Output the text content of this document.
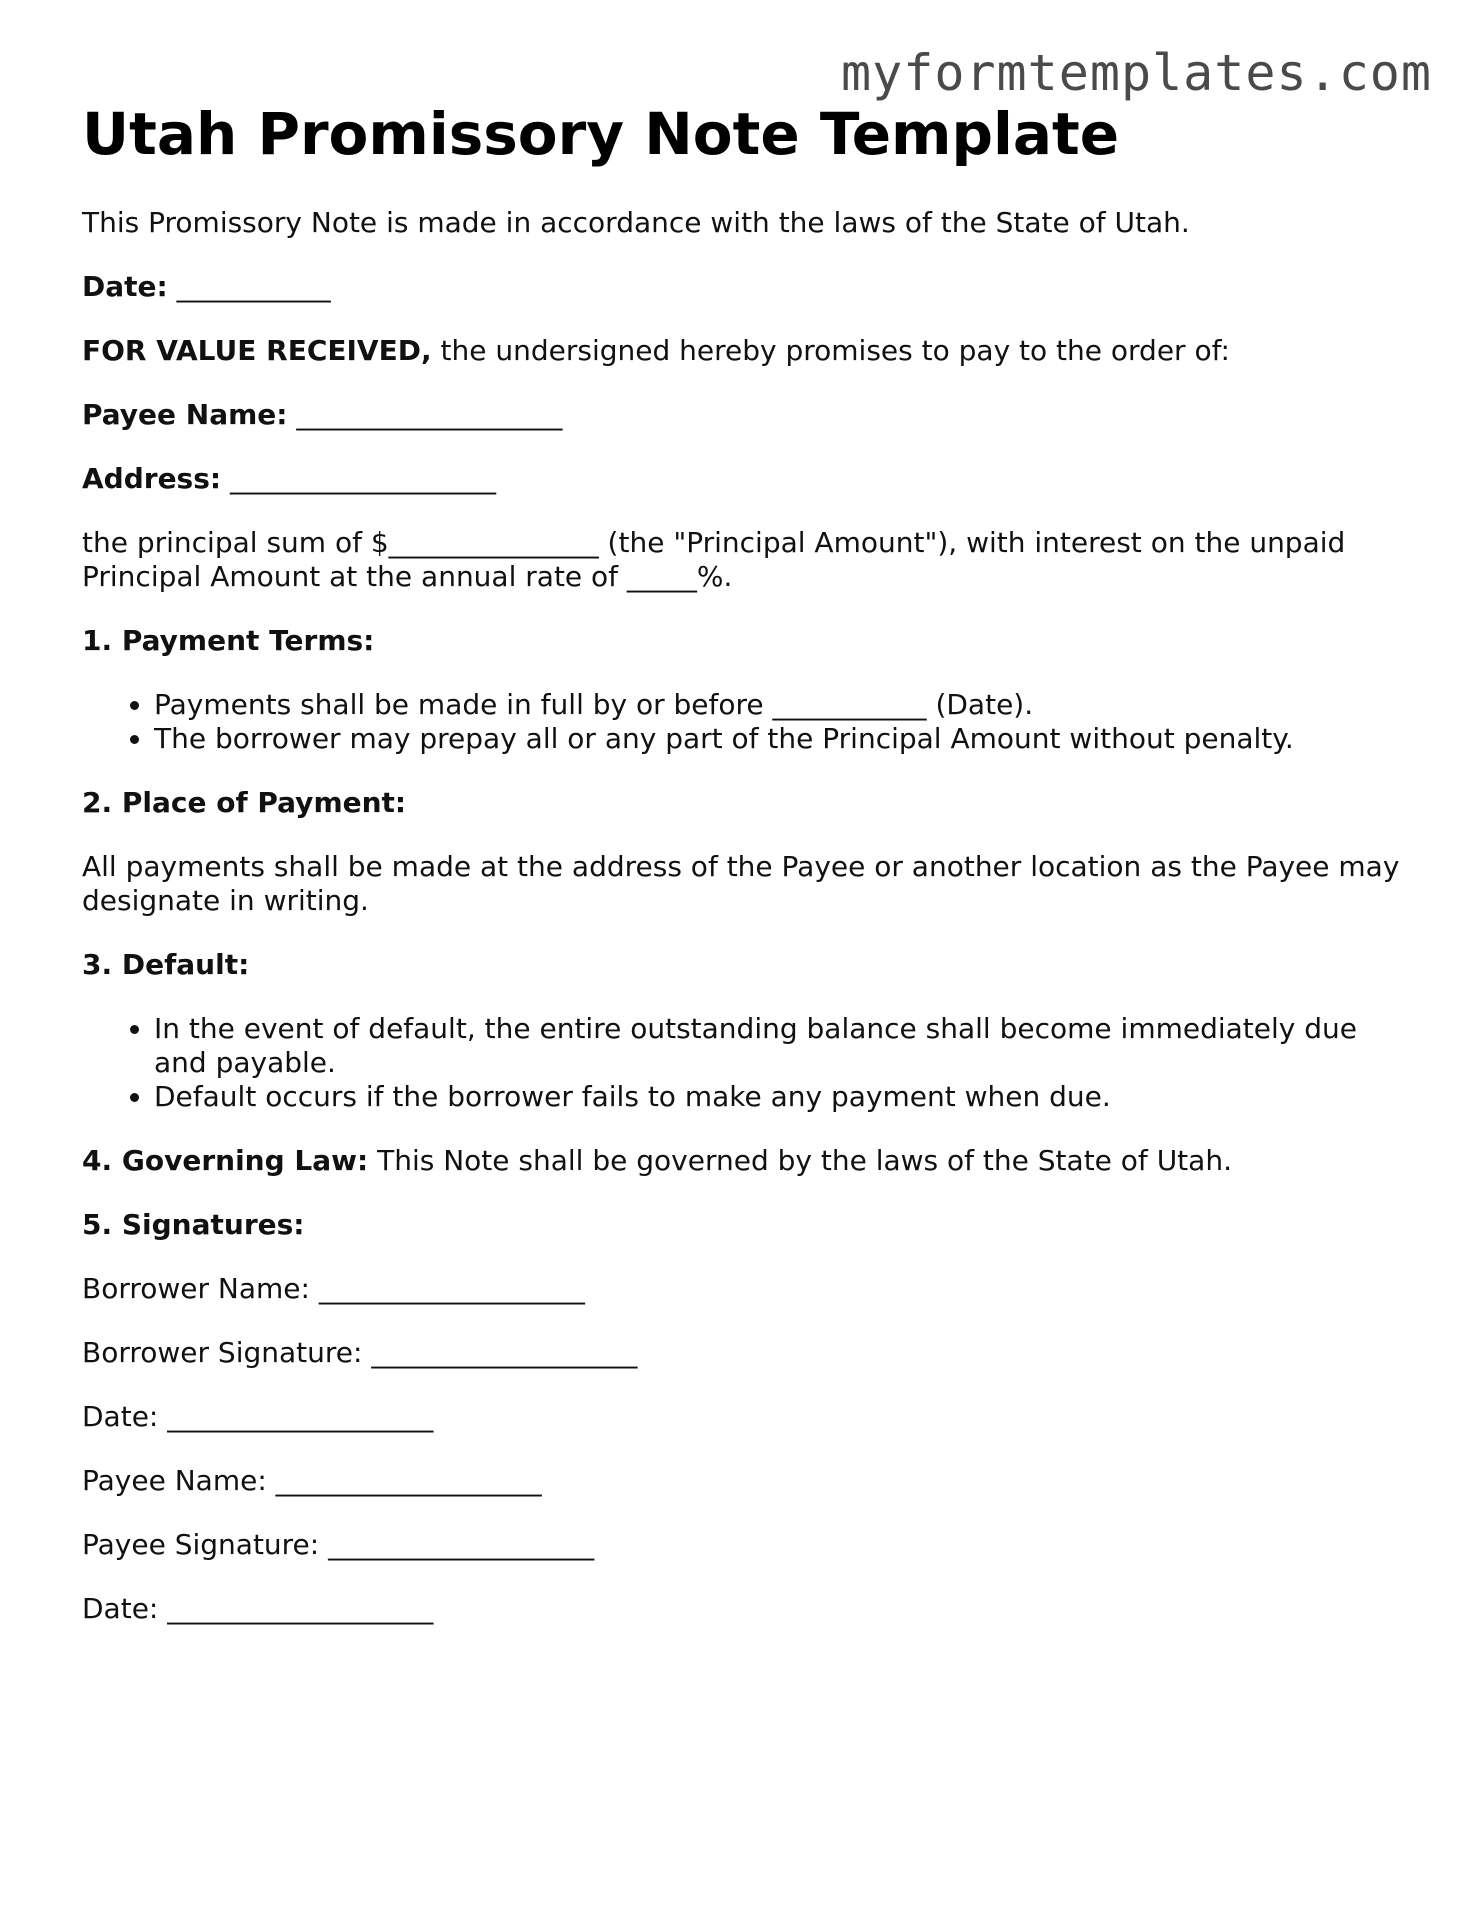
myformtemplates.com
Utah Promissory Note Template

This Promissory Note is made in accordance with the laws of the State of Utah.

Date: ___________

FOR VALUE RECEIVED, the undersigned hereby promises to pay to the order of:

Payee Name: ___________________

Address: ___________________

the principal sum of $_______________ (the "Principal Amount"), with interest on the unpaid Principal Amount at the annual rate of _____%.

1. Payment Terms:

• Payments shall be made in full by or before ___________ (Date).
• The borrower may prepay all or any part of the Principal Amount without penalty.

2. Place of Payment:

All payments shall be made at the address of the Payee or another location as the Payee may designate in writing.

3. Default:

• In the event of default, the entire outstanding balance shall become immediately due and payable.
• Default occurs if the borrower fails to make any payment when due.

4. Governing Law: This Note shall be governed by the laws of the State of Utah.

5. Signatures:

Borrower Name: ___________________

Borrower Signature: ___________________

Date: ___________________

Payee Name: ___________________

Payee Signature: ___________________

Date: ___________________
